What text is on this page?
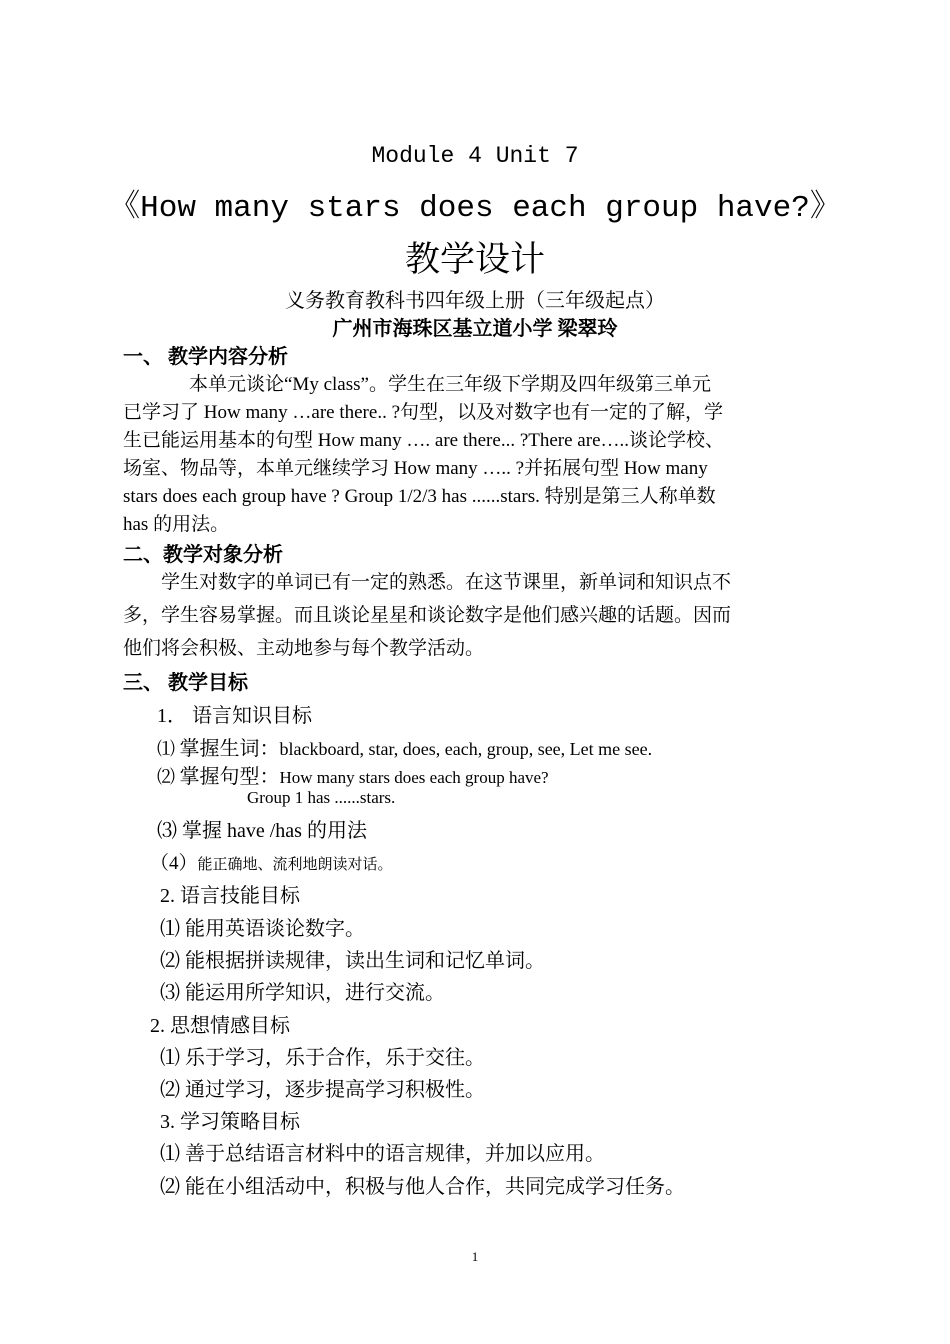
Module 4 Unit 7
《How many stars does each group have?》
教学设计
义务教育教科书四年级上册（三年级起点）
广州市海珠区基立道小学 梁翠玲
一、 教学内容分析
本单元谈论“My class”。学生在三年级下学期及四年级第三单元
已学习了 How many …are there.. ?句型，以及对数字也有一定的了解，学
生已能运用基本的句型 How many …. are there... ?There are…..谈论学校、
场室、物品等，本单元继续学习 How many ….. ?并拓展句型 How many
stars does each group have ? Group 1/2/3 has ......stars. 特别是第三人称单数
has 的用法。
二、教学对象分析
学生对数字的单词已有一定的熟悉。在这节课里，新单词和知识点不
多，学生容易掌握。而且谈论星星和谈论数字是他们感兴趣的话题。因而
他们将会积极、主动地参与每个教学活动。
三、 教学目标
1． 语言知识目标
⑴ 掌握生词：blackboard, star, does, each, group, see, Let me see.
⑵ 掌握句型：How many stars does each group have?
Group 1 has ......stars.
⑶ 掌握 have /has 的用法
（4）能正确地、流利地朗读对话。
2. 语言技能目标
⑴ 能用英语谈论数字。
⑵ 能根据拼读规律，读出生词和记忆单词。
⑶ 能运用所学知识，进行交流。
2. 思想情感目标
⑴ 乐于学习，乐于合作，乐于交往。
⑵ 通过学习，逐步提高学习积极性。
3. 学习策略目标
⑴ 善于总结语言材料中的语言规律，并加以应用。
⑵ 能在小组活动中，积极与他人合作，共同完成学习任务。
1
